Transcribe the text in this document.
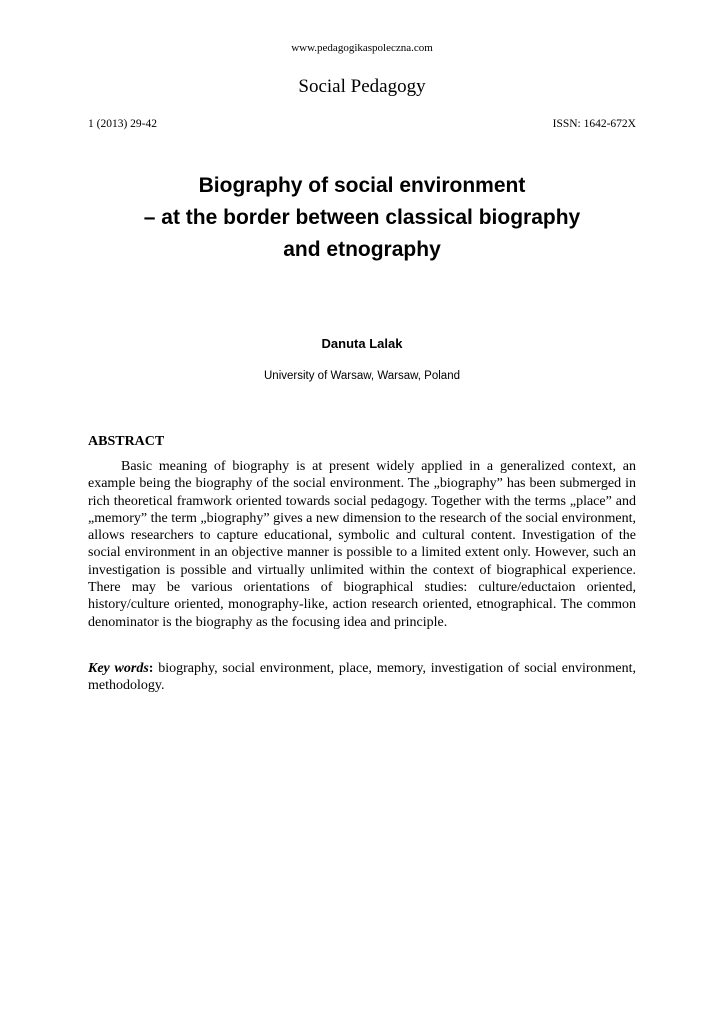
www.pedagogikaspoleczna.com
Social Pedagogy
1 (2013) 29-42	ISSN: 1642-672X
Biography of social environment
– at the border between classical biography
and etnography
Danuta Lalak
University of Warsaw, Warsaw, Poland
ABSTRACT

Basic meaning of biography is at present widely applied in a generalized context, an example being the biography of the social environment. The „biography” has been submerged in rich theoretical framwork oriented towards social pedagogy. Together with the terms „place” and „memory” the term „biography” gives a new dimension to the research of the social environment, allows researchers to capture educational, symbolic and cultural content. Investigation of the social environment in an objective manner is possible to a limited extent only. However, such an investigation is possible and virtually unlimited within the context of biographical experience. There may be various orientations of biographical studies: culture/eductaion oriented, history/culture oriented, monography-like, action research oriented, etnographical. The common denominator is the biography as the focusing idea and principle.

Key words: biography, social environment, place, memory, investigation of social environment, methodology.
